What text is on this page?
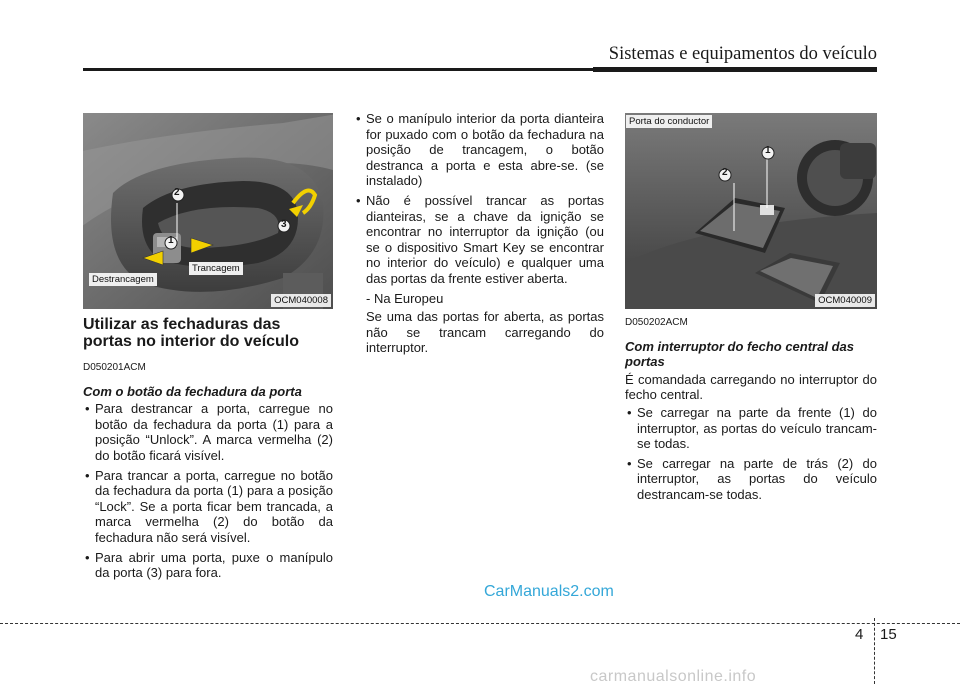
Sistemas e equipamentos do veículo
2
1
3
Destrancagem
Trancagem
OCM040008
2
1
Porta do conductor
OCM040009

Utilizar as fechaduras das portas no interior do veículo

D050201ACM

Com o botão da fechadura da porta

• Para destrancar a porta, carregue no botão da fechadura da porta (1) para a posição “Unlock”. A marca vermelha (2) do botão ficará visível.

• Para trancar a porta, carregue no botão da fechadura da porta (1) para a posição “Lock”. Se a porta ficar bem trancada, a marca vermelha (2) do botão da fechadura não será visível.

• Para abrir uma porta, puxe o manípulo da porta (3) para fora.

• Se o manípulo interior da porta dianteira for puxado com o botão da fechadura na posição de trancagem, o botão destranca a porta e esta abre-se. (se instalado)

• Não é possível trancar as portas dianteiras, se a chave da ignição se encontrar no interruptor da ignição (ou se o dispositivo Smart Key se encontrar no interior do veículo) e qualquer uma das portas da frente estiver aberta.

- Na Europeu

Se uma das portas for aberta, as portas não se trancam carregando do interruptor.

D050202ACM

Com interruptor do fecho central das portas

É comandada carregando no interruptor do fecho central.

• Se carregar na parte da frente (1) do interruptor, as portas do veículo trancam-se todas.

• Se carregar na parte de trás (2) do interruptor, as portas do veículo destrancam-se todas.

CarManuals2.com
4 15
carmanualsonline.info
